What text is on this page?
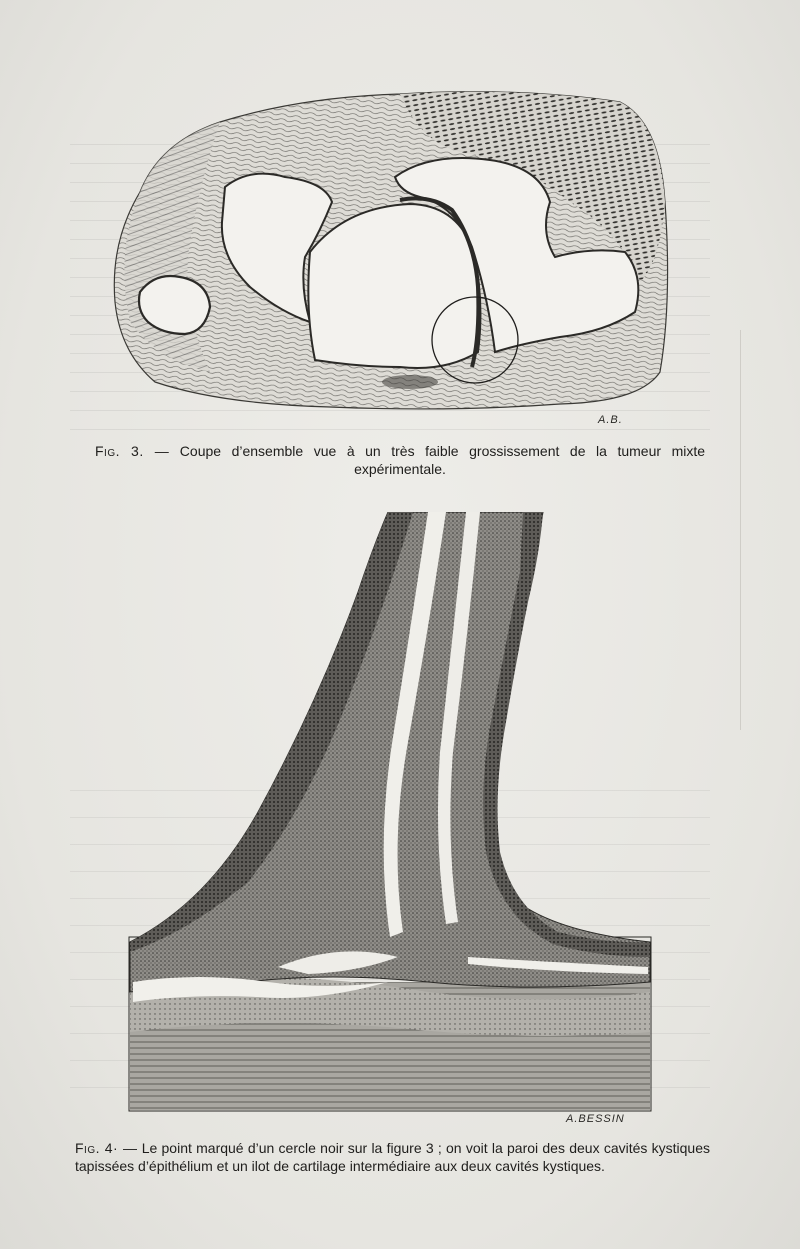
A.B.
Fig. 3. — Coupe d’ensemble vue à un très faible grossissement de la tumeur mixte expérimentale.
A.BESSIN
Fig. 4· — Le point marqué d’un cercle noir sur la figure 3 ; on voit la paroi des deux cavités kystiques tapissées d’épithélium et un ilot de cartilage intermédiaire aux deux cavités kystiques.
